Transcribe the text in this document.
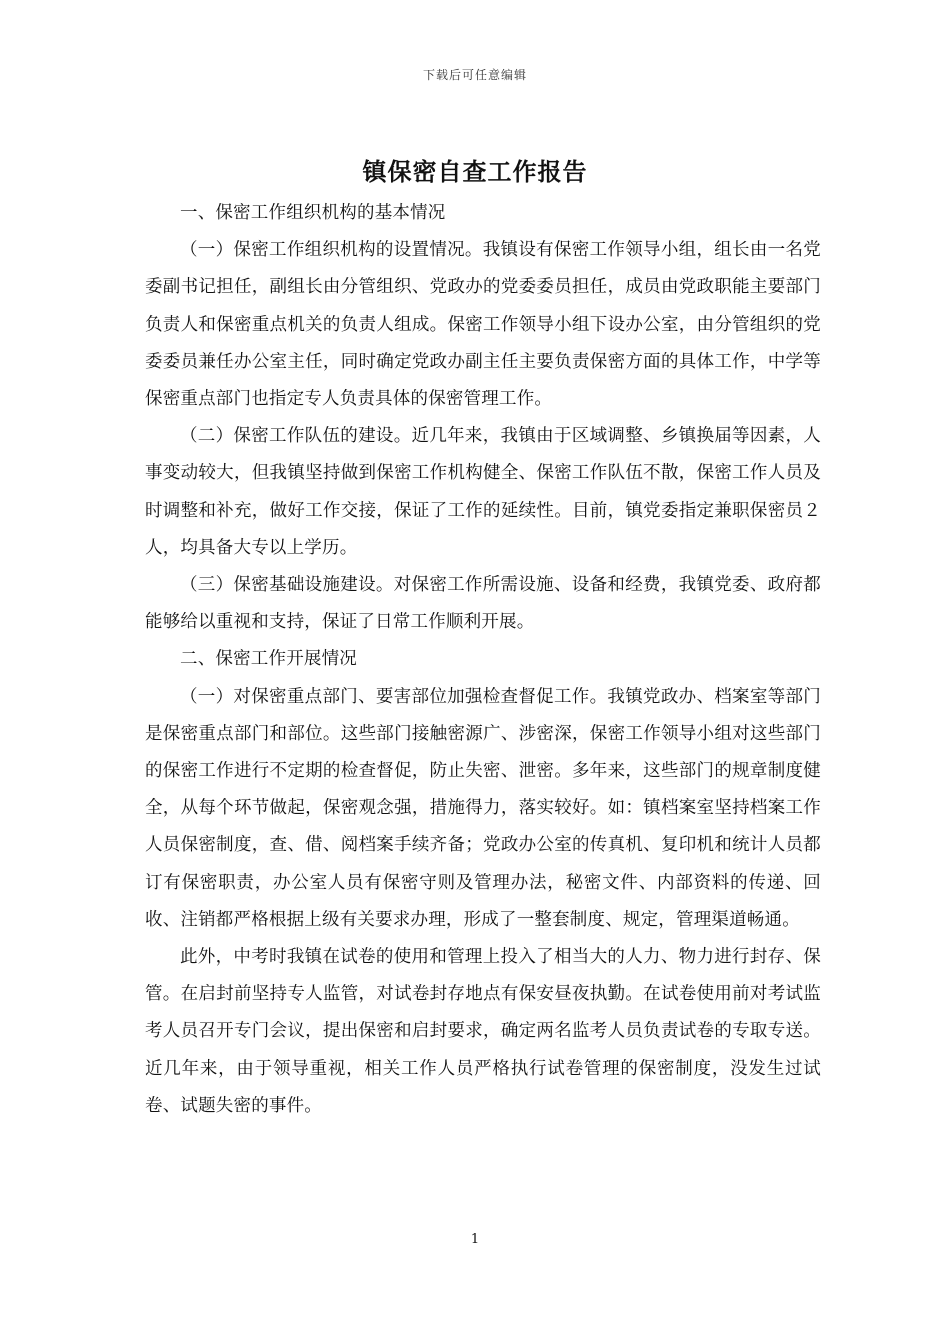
下载后可任意编辑
镇保密自查工作报告

一、保密工作组织机构的基本情况

（一）保密工作组织机构的设置情况。我镇设有保密工作领导小组，组长由一名党委副书记担任，副组长由分管组织、党政办的党委委员担任，成员由党政职能主要部门负责人和保密重点机关的负责人组成。保密工作领导小组下设办公室，由分管组织的党委委员兼任办公室主任，同时确定党政办副主任主要负责保密方面的具体工作，中学等保密重点部门也指定专人负责具体的保密管理工作。

（二）保密工作队伍的建设。近几年来，我镇由于区域调整、乡镇换届等因素，人事变动较大，但我镇坚持做到保密工作机构健全、保密工作队伍不散，保密工作人员及时调整和补充，做好工作交接，保证了工作的延续性。目前，镇党委指定兼职保密员２人，均具备大专以上学历。

（三）保密基础设施建设。对保密工作所需设施、设备和经费，我镇党委、政府都能够给以重视和支持，保证了日常工作顺利开展。

二、保密工作开展情况

（一）对保密重点部门、要害部位加强检查督促工作。我镇党政办、档案室等部门是保密重点部门和部位。这些部门接触密源广、涉密深，保密工作领导小组对这些部门的保密工作进行不定期的检查督促，防止失密、泄密。多年来，这些部门的规章制度健全，从每个环节做起，保密观念强，措施得力，落实较好。如：镇档案室坚持档案工作人员保密制度，查、借、阅档案手续齐备；党政办公室的传真机、复印机和统计人员都订有保密职责，办公室人员有保密守则及管理办法，秘密文件、内部资料的传递、回收、注销都严格根据上级有关要求办理，形成了一整套制度、规定，管理渠道畅通。

此外，中考时我镇在试卷的使用和管理上投入了相当大的人力、物力进行封存、保管。在启封前坚持专人监管，对试卷封存地点有保安昼夜执勤。在试卷使用前对考试监考人员召开专门会议，提出保密和启封要求，确定两名监考人员负责试卷的专取专送。近几年来，由于领导重视，相关工作人员严格执行试卷管理的保密制度，没发生过试卷、试题失密的事件。

1
